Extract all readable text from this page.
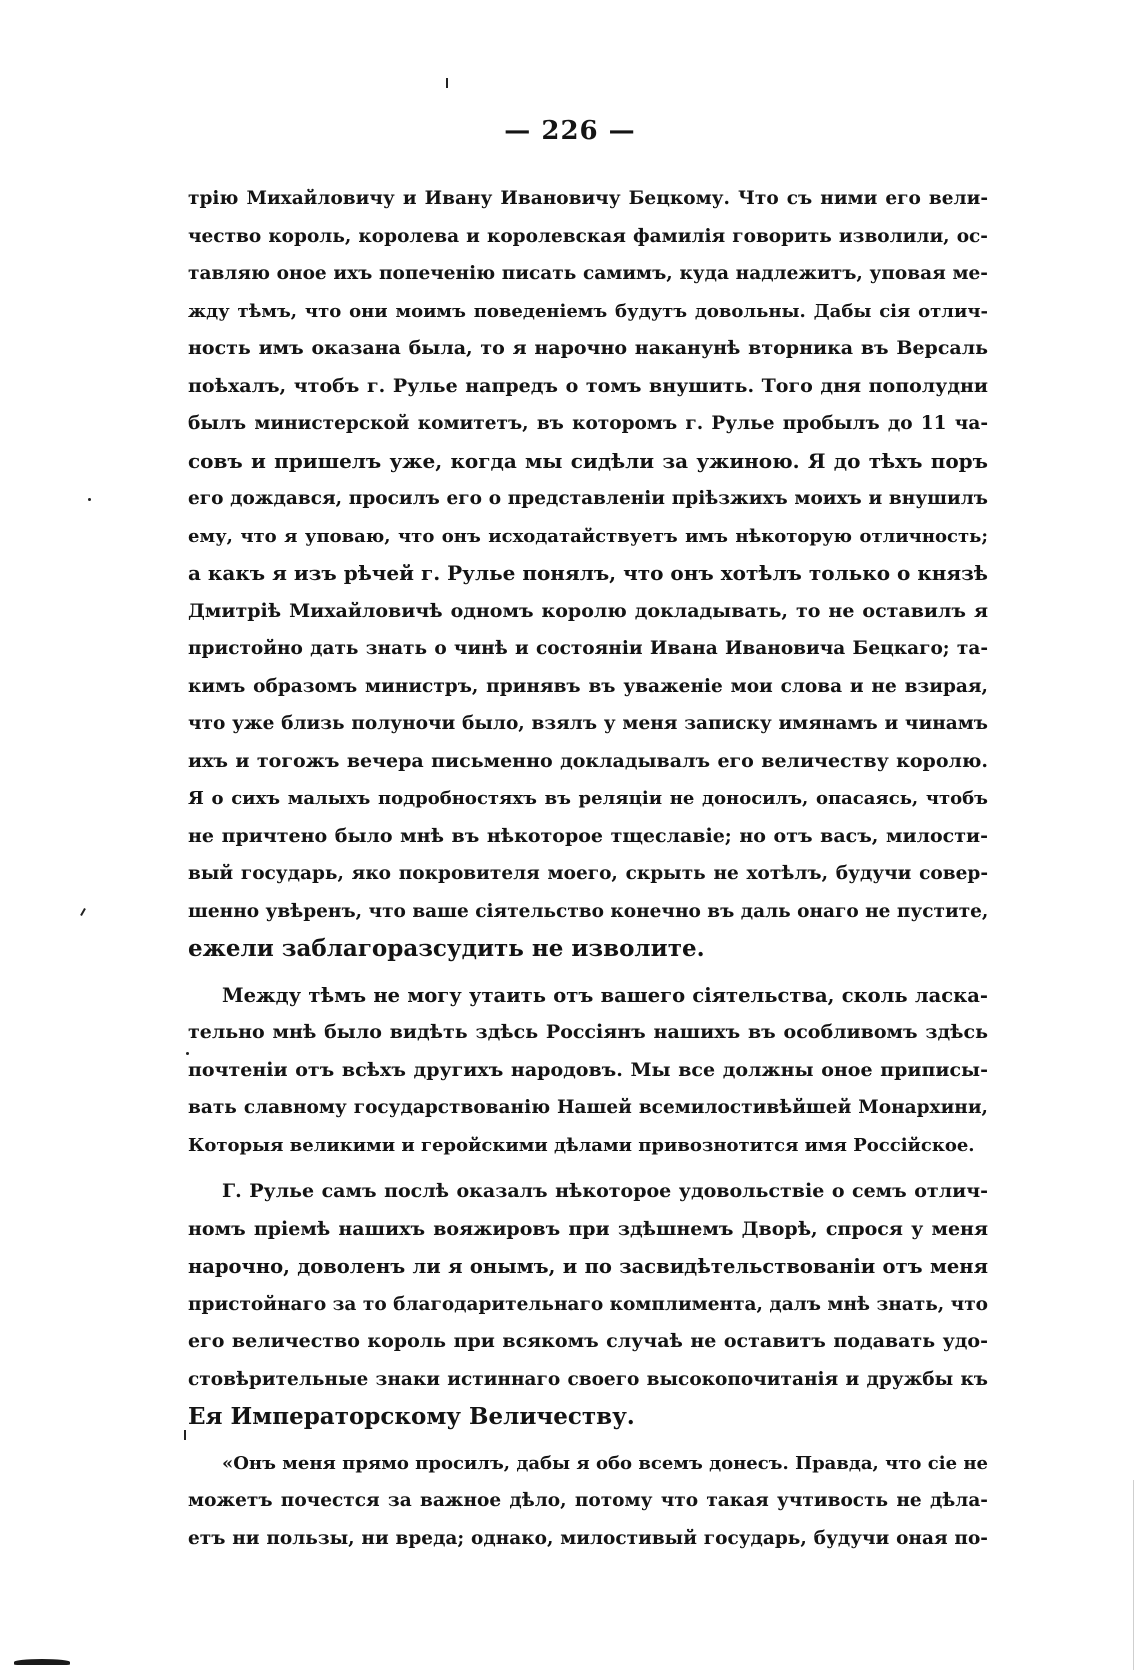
— 226 —
трію Михайловичу и Ивану Ивановичу Бецкому. Что съ ними его вели-
чество король, королева и королевская фамилія говорить изволили, ос-
тавляю оное ихъ попеченію писать самимъ, куда надлежитъ, уповая ме-
жду тѣмъ, что они моимъ поведеніемъ будутъ довольны. Дабы сія отлич-
ность имъ оказана была, то я нарочно наканунѣ вторника въ Версаль
поѣхалъ, чтобъ г. Рулье напредъ о томъ внушить. Того дня пополудни
былъ министерской комитетъ, въ которомъ г. Рулье пробылъ до 11 ча-
совъ и пришелъ уже, когда мы сидѣли за ужиною. Я до тѣхъ поръ
его дождався, просилъ его о представленіи пріѣзжихъ моихъ и внушилъ
ему, что я уповаю, что онъ исходатайствуетъ имъ нѣкоторую отличность;
а какъ я изъ рѣчей г. Рулье понялъ, что онъ хотѣлъ только о князѣ
Дмитріѣ Михайловичѣ одномъ королю докладывать, то не оставилъ я
пристойно дать знать о чинѣ и состояніи Ивана Ивановича Бецкаго; та-
кимъ образомъ министръ, принявъ въ уваженіе мои слова и не взирая,
что уже близь полуночи было, взялъ у меня записку имянамъ и чинамъ
ихъ и тогожъ вечера письменно докладывалъ его величеству королю.
Я о сихъ малыхъ подробностяхъ въ реляціи не доносилъ, опасаясь, чтобъ
не причтено было мнѣ въ нѣкоторое тщеславіе; но отъ васъ, милости-
вый государь, яко покровителя моего, скрыть не хотѣлъ, будучи совер-
шенно увѣренъ, что ваше сіятельство конечно въ даль онаго не пустите,
ежели заблагоразсудить не изволите.
Между тѣмъ не могу утаить отъ вашего сіятельства, сколь ласка-
тельно мнѣ было видѣть здѣсь Россіянъ нашихъ въ особливомъ здѣсь
почтеніи отъ всѣхъ другихъ народовъ. Мы все должны оное приписы-
вать славному государствованію Нашей всемилостивѣйшей Монархини,
Которыя великими и геройскими дѣлами привознотится имя Россійское.
Г. Рулье самъ послѣ оказалъ нѣкоторое удовольствіе о семъ отлич-
номъ пріемѣ нашихъ вояжировъ при здѣшнемъ Дворѣ, спрося у меня
нарочно, доволенъ ли я онымъ, и по засвидѣтельствованіи отъ меня
пристойнаго за то благодарительнаго комплимента, далъ мнѣ знать, что
его величество король при всякомъ случаѣ не оставитъ подавать удо-
стовѣрительные знаки истиннаго своего высокопочитанія и дружбы къ
Ея Императорскому Величеству.
«Онъ меня прямо просилъ, дабы я обо всемъ донесъ. Правда, что сіе не
можетъ почестся за важное дѣло, потому что такая учтивость не дѣла-
етъ ни пользы, ни вреда; однако, милостивый государь, будучи оная по-
